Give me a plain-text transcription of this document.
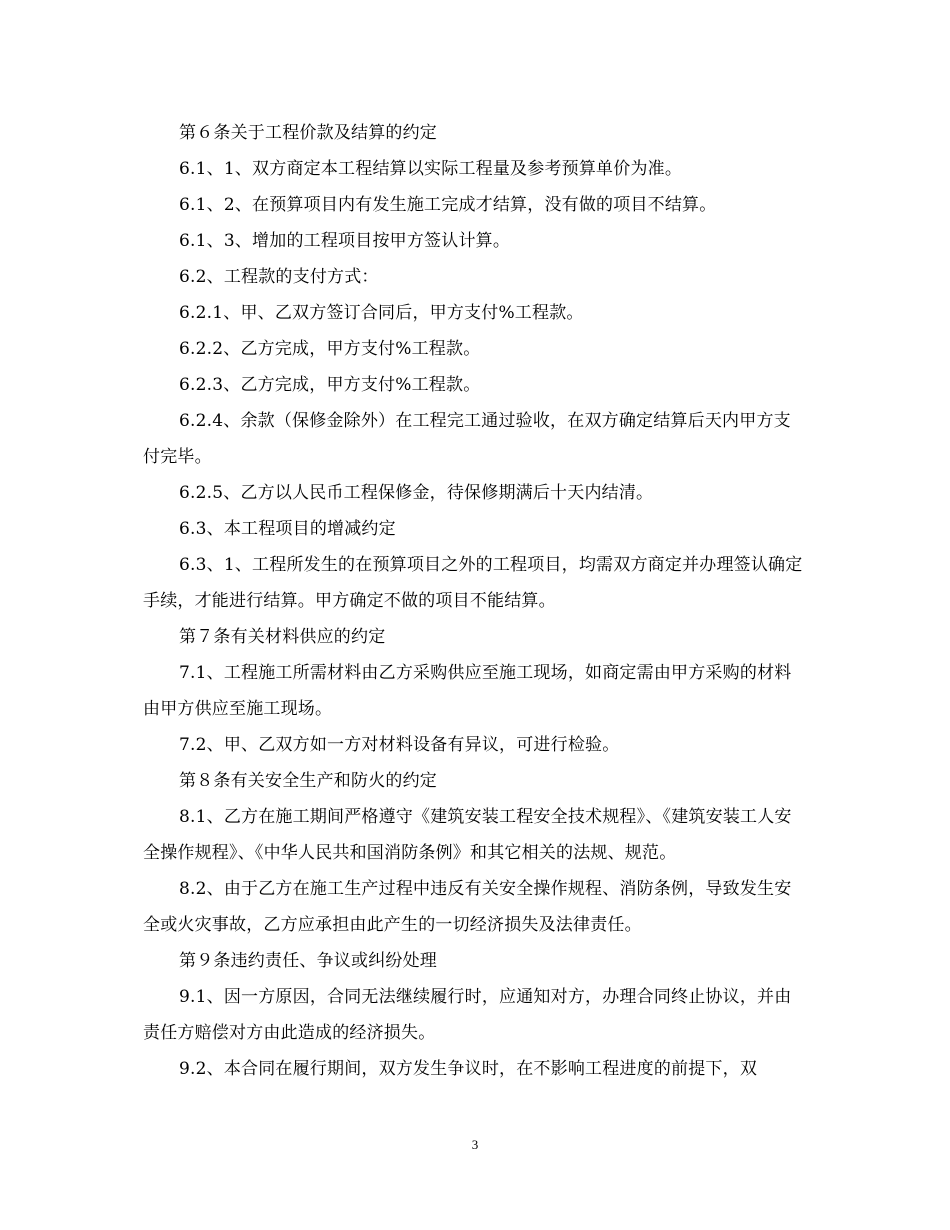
第６条关于工程价款及结算的约定

6.1、1、双方商定本工程结算以实际工程量及参考预算单价为准。

6.1、2、在预算项目内有发生施工完成才结算，没有做的项目不结算。

6.1、3、增加的工程项目按甲方签认计算。

6.2、工程款的支付方式：

6.2.1、甲、乙双方签订合同后，甲方支付%工程款。

6.2.2、乙方完成，甲方支付%工程款。

6.2.3、乙方完成，甲方支付%工程款。

6.2.4、余款（保修金除外）在工程完工通过验收，在双方确定结算后天内甲方支付完毕。

6.2.5、乙方以人民币工程保修金，待保修期满后十天内结清。

6.3、本工程项目的增减约定

6.3、1、工程所发生的在预算项目之外的工程项目，均需双方商定并办理签认确定手续，才能进行结算。甲方确定不做的项目不能结算。

第７条有关材料供应的约定

7.1、工程施工所需材料由乙方采购供应至施工现场，如商定需由甲方采购的材料由甲方供应至施工现场。

7.2、甲、乙双方如一方对材料设备有异议，可进行检验。

第８条有关安全生产和防火的约定

8.1、乙方在施工期间严格遵守《建筑安装工程安全技术规程》、《建筑安装工人安全操作规程》、《中华人民共和国消防条例》和其它相关的法规、规范。

8.2、由于乙方在施工生产过程中违反有关安全操作规程、消防条例，导致发生安全或火灾事故，乙方应承担由此产生的一切经济损失及法律责任。

第９条违约责任、争议或纠纷处理

9.1、因一方原因，合同无法继续履行时，应通知对方，办理合同终止协议，并由责任方赔偿对方由此造成的经济损失。

9.2、本合同在履行期间，双方发生争议时，在不影响工程进度的前提下，双

3
